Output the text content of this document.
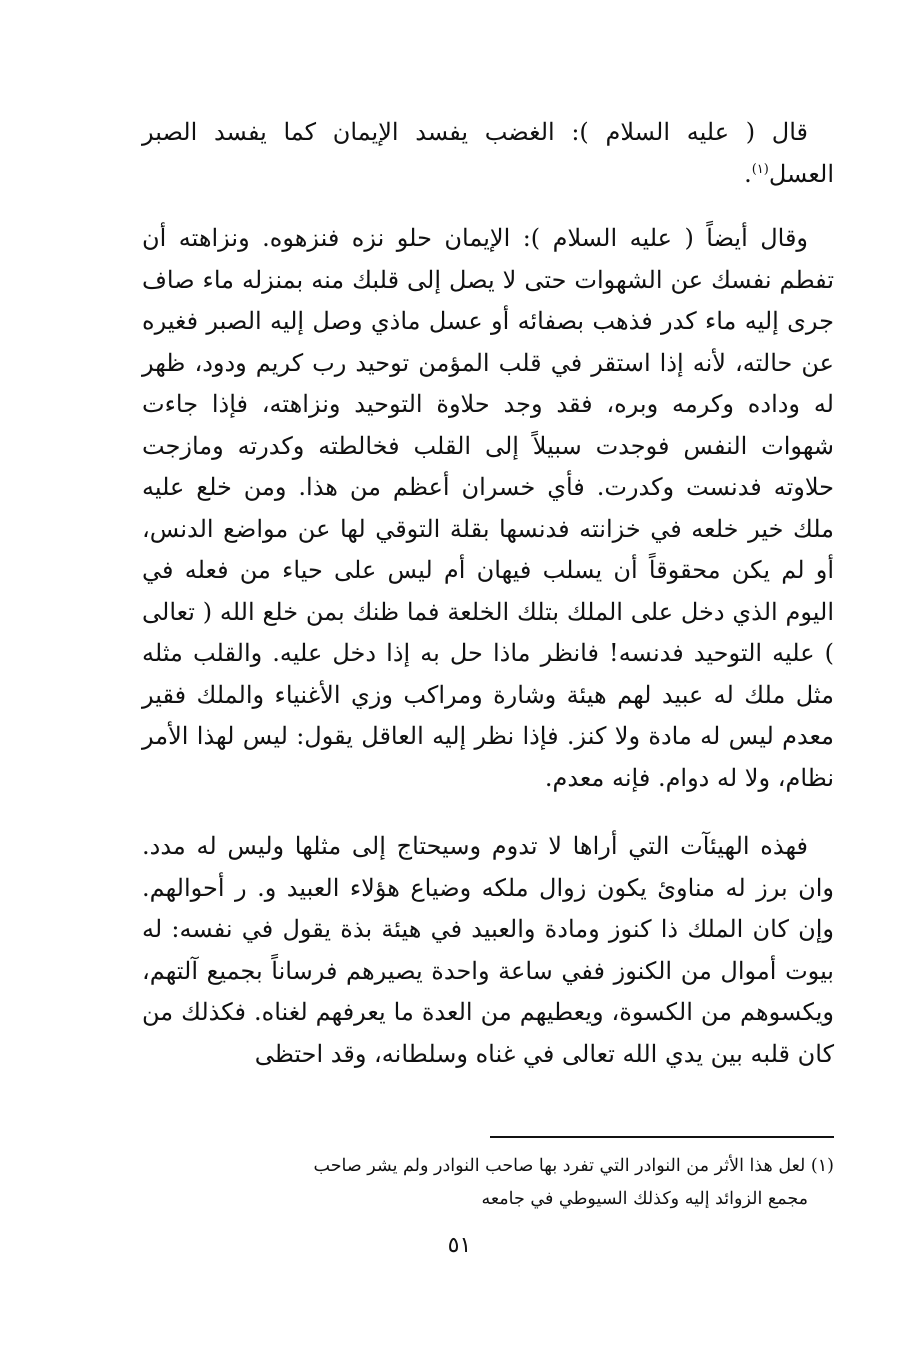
قال ( عليه السلام ): الغضب يفسد الإيمان كما يفسد الصبر العسل$^{(١)}$.

وقال أيضاً ( عليه السلام ): الإيمان حلو نزه فنزهوه. ونزاهته أن تفطم نفسك عن الشهوات حتى لا يصل إلى قلبك منه بمنزله ماء صاف جرى إليه ماء كدر فذهب بصفائه أو عسل ماذي وصل إليه الصبر فغيره عن حالته، لأنه إذا استقر في قلب المؤمن توحيد رب كريم ودود، ظهر له وداده وكرمه وبره، فقد وجد حلاوة التوحيد ونزاهته، فإذا جاءت شهوات النفس فوجدت سبيلاً إلى القلب فخالطته وكدرته ومازجت حلاوته فدنست وكدرت. فأي خسران أعظم من هذا. ومن خلع عليه ملك خير خلعه في خزانته فدنسها بقلة التوقي لها عن مواضع الدنس، أو لم يكن محقوقاً أن يسلب فيهان أم ليس على حياء من فعله في اليوم الذي دخل على الملك بتلك الخلعة فما ظنك بمن خلع الله ( تعالى ) عليه التوحيد فدنسه! فانظر ماذا حل به إذا دخل عليه. والقلب مثله مثل ملك له عبيد لهم هيئة وشارة ومراكب وزي الأغنياء والملك فقير معدم ليس له مادة ولا كنز. فإذا نظر إليه العاقل يقول: ليس لهذا الأمر نظام، ولا له دوام. فإنه معدم.

فهذه الهيئآت التي أراها لا تدوم وسيحتاج إلى مثلها وليس له مدد. وان برز له مناوئ يكون زوال ملكه وضياع هؤلاء العبيد و. ر أحوالهم. وإن كان الملك ذا كنوز ومادة والعبيد في هيئة بذة يقول في نفسه: له بيوت أموال من الكنوز ففي ساعة واحدة يصيرهم فرساناً بجميع آلتهم، ويكسوهم من الكسوة، ويعطيهم من العدة ما يعرفهم لغناه. فكذلك من كان قلبه بين يدي الله تعالى في غناه وسلطانه، وقد احتظى

(١) لعل هذا الأثر من النوادر التي تفرد بها صاحب النوادر ولم يشر صاحب
مجمع الزوائد إليه وكذلك السيوطي في جامعه
٥١
